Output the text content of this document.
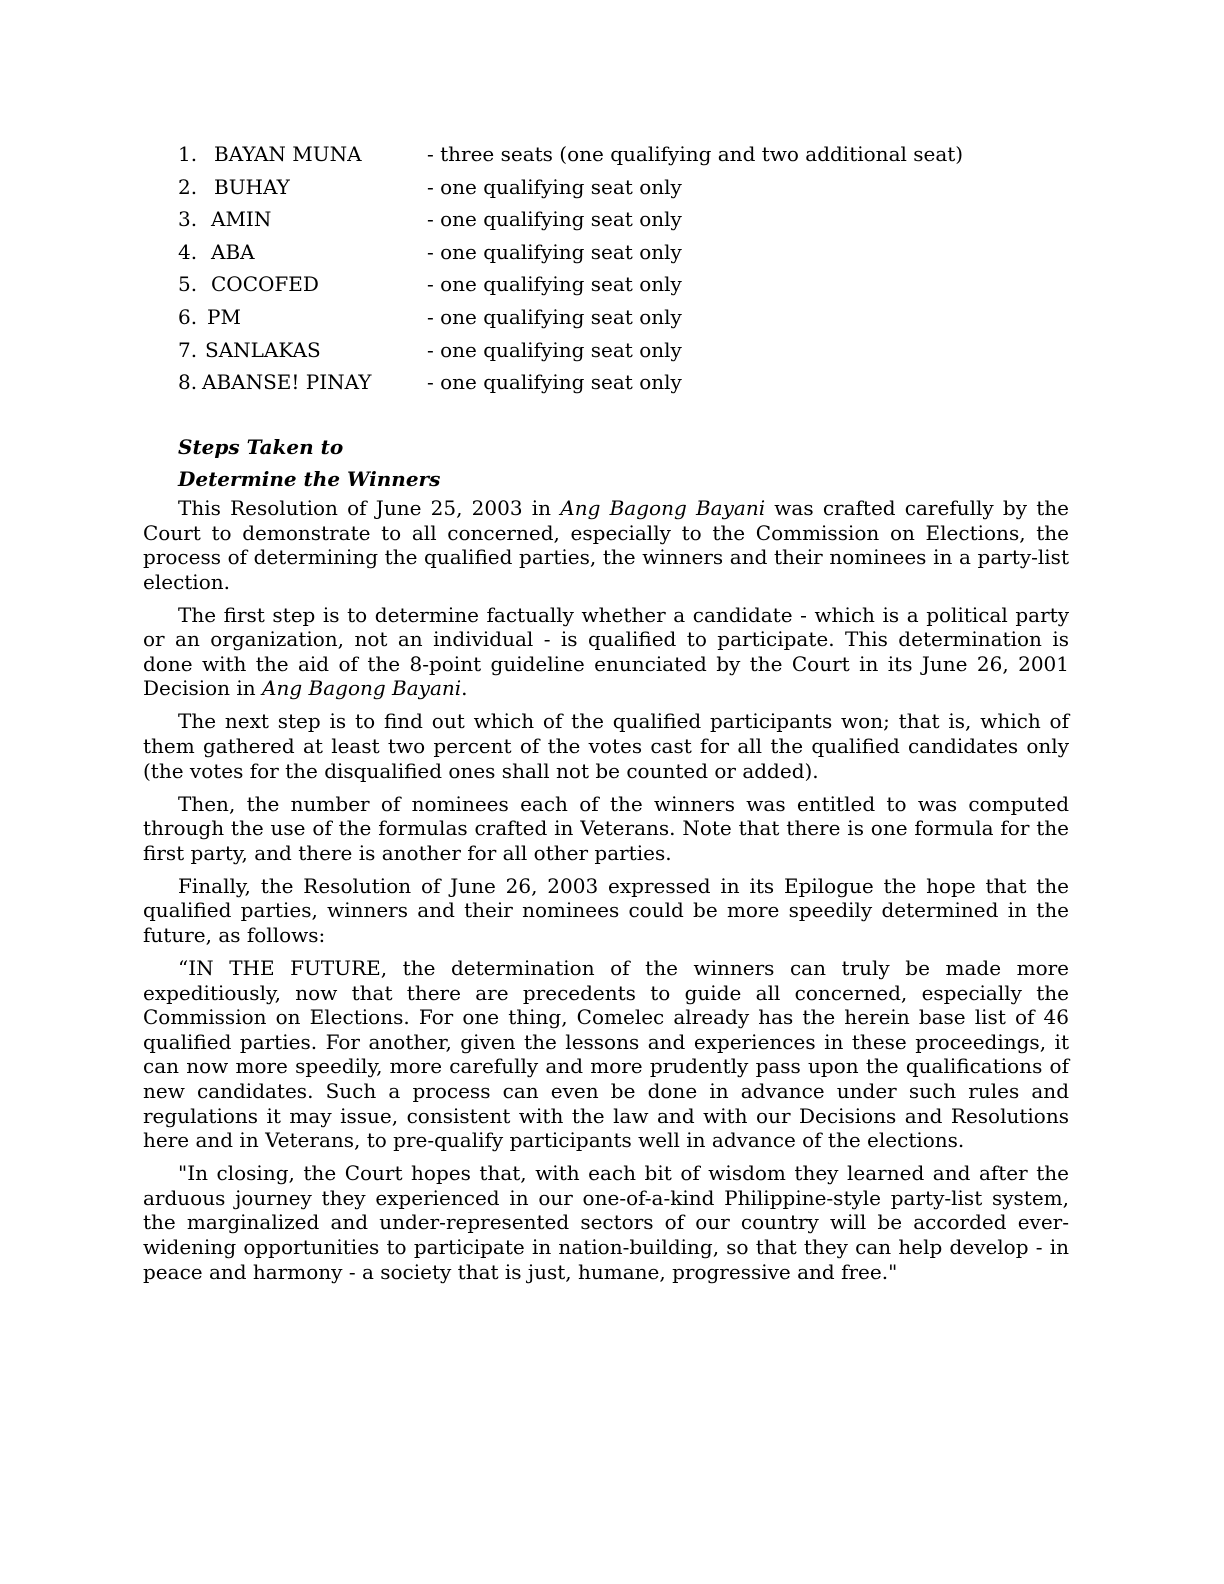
1. BAYAN MUNA	- three seats (one qualifying and two additional seat)
2. BUHAY	- one qualifying seat only
3. AMIN	- one qualifying seat only
4. ABA	- one qualifying seat only
5. COCOFED	- one qualifying seat only
6. PM	- one qualifying seat only
7. SANLAKAS	- one qualifying seat only
8. ABANSE! PINAY	- one qualifying seat only

Steps Taken to

Determine the Winners

This Resolution of June 25, 2003 in Ang Bagong Bayani was crafted carefully by the Court to demonstrate to all concerned, especially to the Commission on Elections, the process of determining the qualified parties, the winners and their nominees in a party-list election.

The first step is to determine factually whether a candidate - which is a political party or an organization, not an individual - is qualified to participate. This determination is done with the aid of the 8-point guideline enunciated by the Court in its June 26, 2001 Decision in Ang Bagong Bayani.

The next step is to find out which of the qualified participants won; that is, which of them gathered at least two percent of the votes cast for all the qualified candidates only (the votes for the disqualified ones shall not be counted or added).

Then, the number of nominees each of the winners was entitled to was computed through the use of the formulas crafted in Veterans. Note that there is one formula for the first party, and there is another for all other parties.

Finally, the Resolution of June 26, 2003 expressed in its Epilogue the hope that the qualified parties, winners and their nominees could be more speedily determined in the future, as follows:

“IN THE FUTURE, the determination of the winners can truly be made more expeditiously, now that there are precedents to guide all concerned, especially the Commission on Elections. For one thing, Comelec already has the herein base list of 46 qualified parties. For another, given the lessons and experiences in these proceedings, it can now more speedily, more carefully and more prudently pass upon the qualifications of new candidates. Such a process can even be done in advance under such rules and regulations it may issue, consistent with the law and with our Decisions and Resolutions here and in Veterans, to pre-qualify participants well in advance of the elections.

"In closing, the Court hopes that, with each bit of wisdom they learned and after the arduous journey they experienced in our one-of-a-kind Philippine-style party-list system, the marginalized and under-represented sectors of our country will be accorded ever-widening opportunities to participate in nation-building, so that they can help develop - in peace and harmony - a society that is just, humane, progressive and free."
